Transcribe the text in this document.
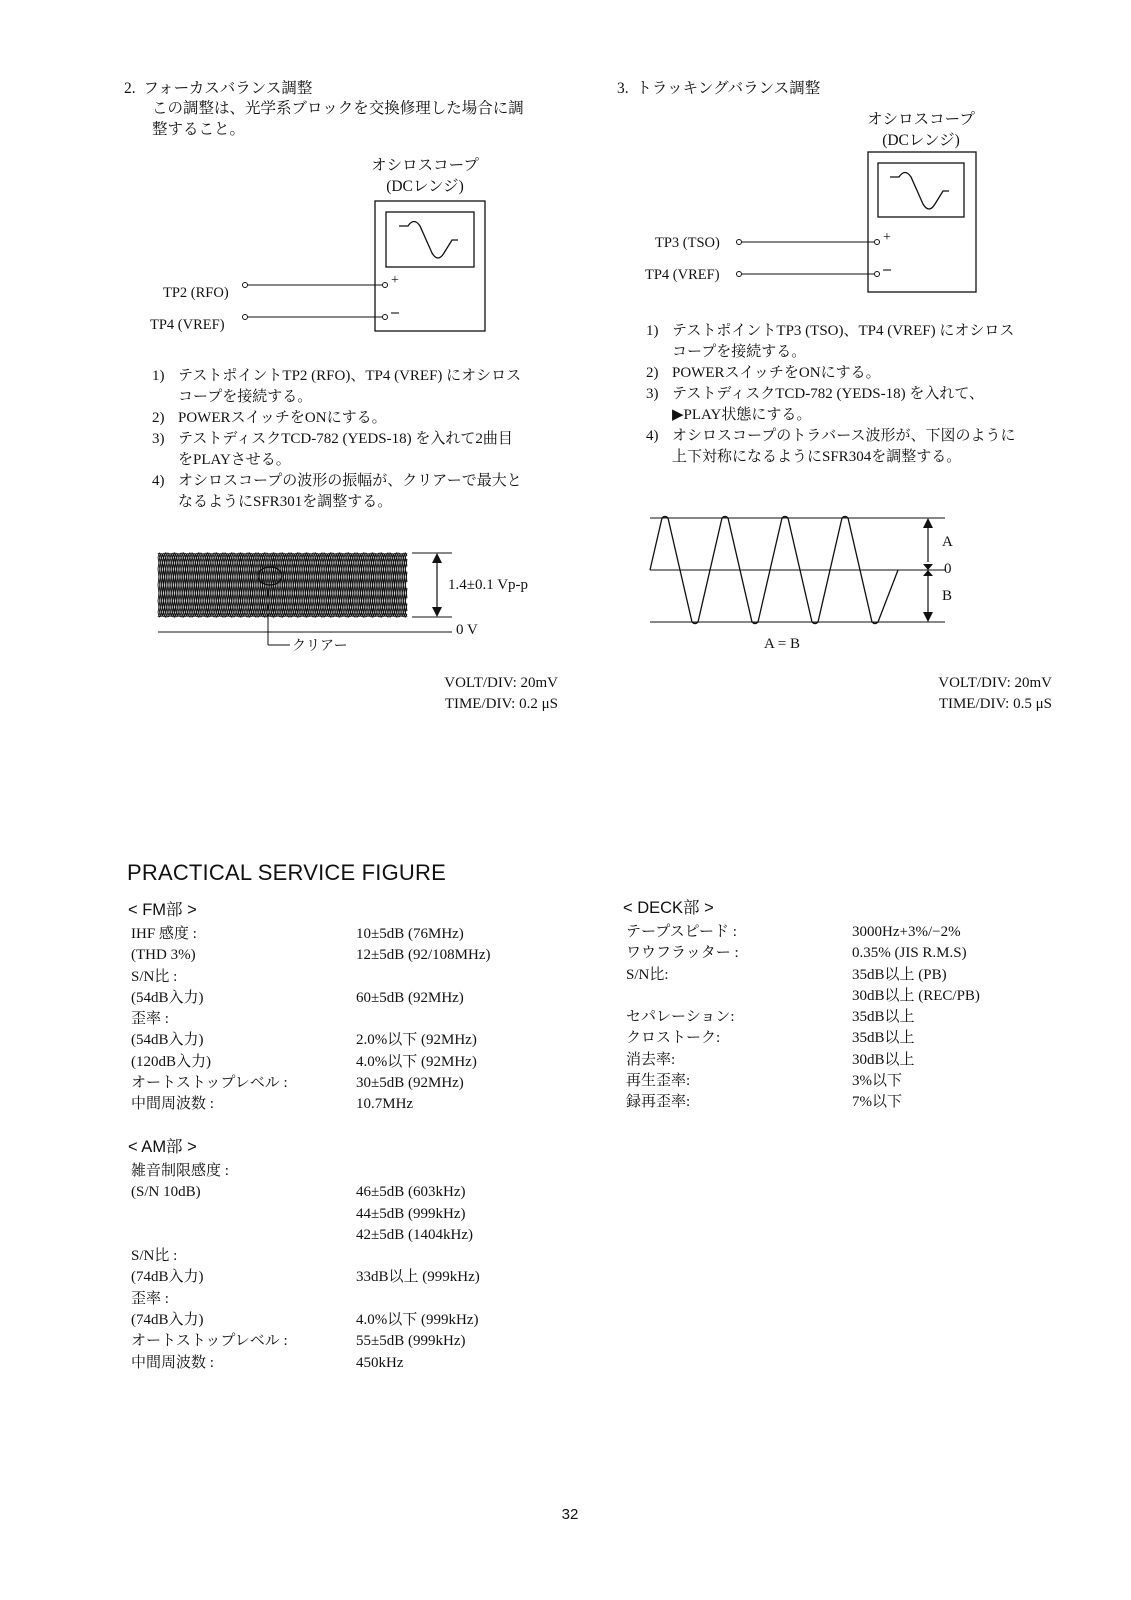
2. フォーカスバランス調整
この調整は、光学系ブロックを交換修理した場合に調
整すること。
オシロスコープ
(DCレンジ)
+
TP2 (RFO)
TP4 (VREF)
1) テストポイントTP2 (RFO)、TP4 (VREF) にオシロス
コープを接続する。
2) POWERスイッチをONにする。
3) テストディスクTCD-782 (YEDS-18) を入れて2曲目
をPLAYさせる。
4) オシロスコープの波形の振幅が、クリアーで最大と
なるようにSFR301を調整する。
1.4±0.1 Vp-p
0 V
クリアー
VOLT/DIV: 20mV
TIME/DIV: 0.2 μS
3. トラッキングバランス調整
オシロスコープ
(DCレンジ)
+
TP3 (TSO)
TP4 (VREF)
1) テストポイントTP3 (TSO)、TP4 (VREF) にオシロス
コープを接続する。
2) POWERスイッチをONにする。
3) テストディスクTCD-782 (YEDS-18) を入れて、
▶PLAY状態にする。
4) オシロスコープのトラバース波形が、下図のように
上下対称になるようにSFR304を調整する。
A
0
B
A = B
VOLT/DIV: 20mV
TIME/DIV: 0.5 μS
PRACTICAL SERVICE FIGURE
< FM部 >
IHF 感度 :	10±5dB (76MHz)
(THD 3%)	12±5dB (92/108MHz)
S/N比 :
(54dB入力)	60±5dB (92MHz)
歪率 :
(54dB入力)	2.0%以下 (92MHz)
(120dB入力)	4.0%以下 (92MHz)
オートストップレベル :	30±5dB (92MHz)
中間周波数 :	10.7MHz
< AM部 >
雑音制限感度 :
(S/N 10dB)	46±5dB (603kHz)
44±5dB (999kHz)
42±5dB (1404kHz)
S/N比 :
(74dB入力)	33dB以上 (999kHz)
歪率 :
(74dB入力)	4.0%以下 (999kHz)
オートストップレベル :	55±5dB (999kHz)
中間周波数 :	450kHz
< DECK部 >
テープスピード :	3000Hz+3%/−2%
ワウフラッター :	0.35% (JIS R.M.S)
S/N比:	35dB以上 (PB)
30dB以上 (REC/PB)
セパレーション:	35dB以上
クロストーク:	35dB以上
消去率:	30dB以上
再生歪率:	3%以下
録再歪率:	7%以下
32
